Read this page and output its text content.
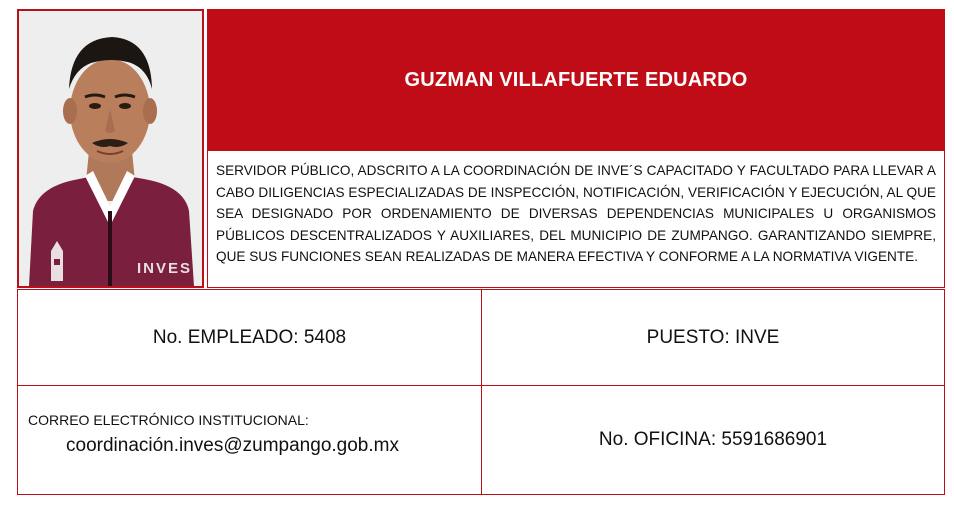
INVES
GUZMAN VILLAFUERTE EDUARDO

SERVIDOR PÚBLICO, ADSCRITO A LA COORDINACIÓN DE INVE´S CAPACITADO Y FACULTADO PARA LLEVAR A CABO DILIGENCIAS ESPECIALIZADAS DE INSPECCIÓN, NOTIFICACIÓN, VERIFICACIÓN Y EJECUCIÓN, AL QUE SEA DESIGNADO POR ORDENAMIENTO DE DIVERSAS DEPENDENCIAS MUNICIPALES U ORGANISMOS PÚBLICOS DESCENTRALIZADOS Y AUXILIARES, DEL MUNICIPIO DE ZUMPANGO. GARANTIZANDO SIEMPRE, QUE SUS FUNCIONES SEAN REALIZADAS DE MANERA EFECTIVA Y CONFORME A LA NORMATIVA VIGENTE.

No. EMPLEADO: 5408	PUESTO: INVE
CORREO ELECTRÓNICO INSTITUCIONAL:
coordinación.inves@zumpango.gob.mx	No. OFICINA: 5591686901
